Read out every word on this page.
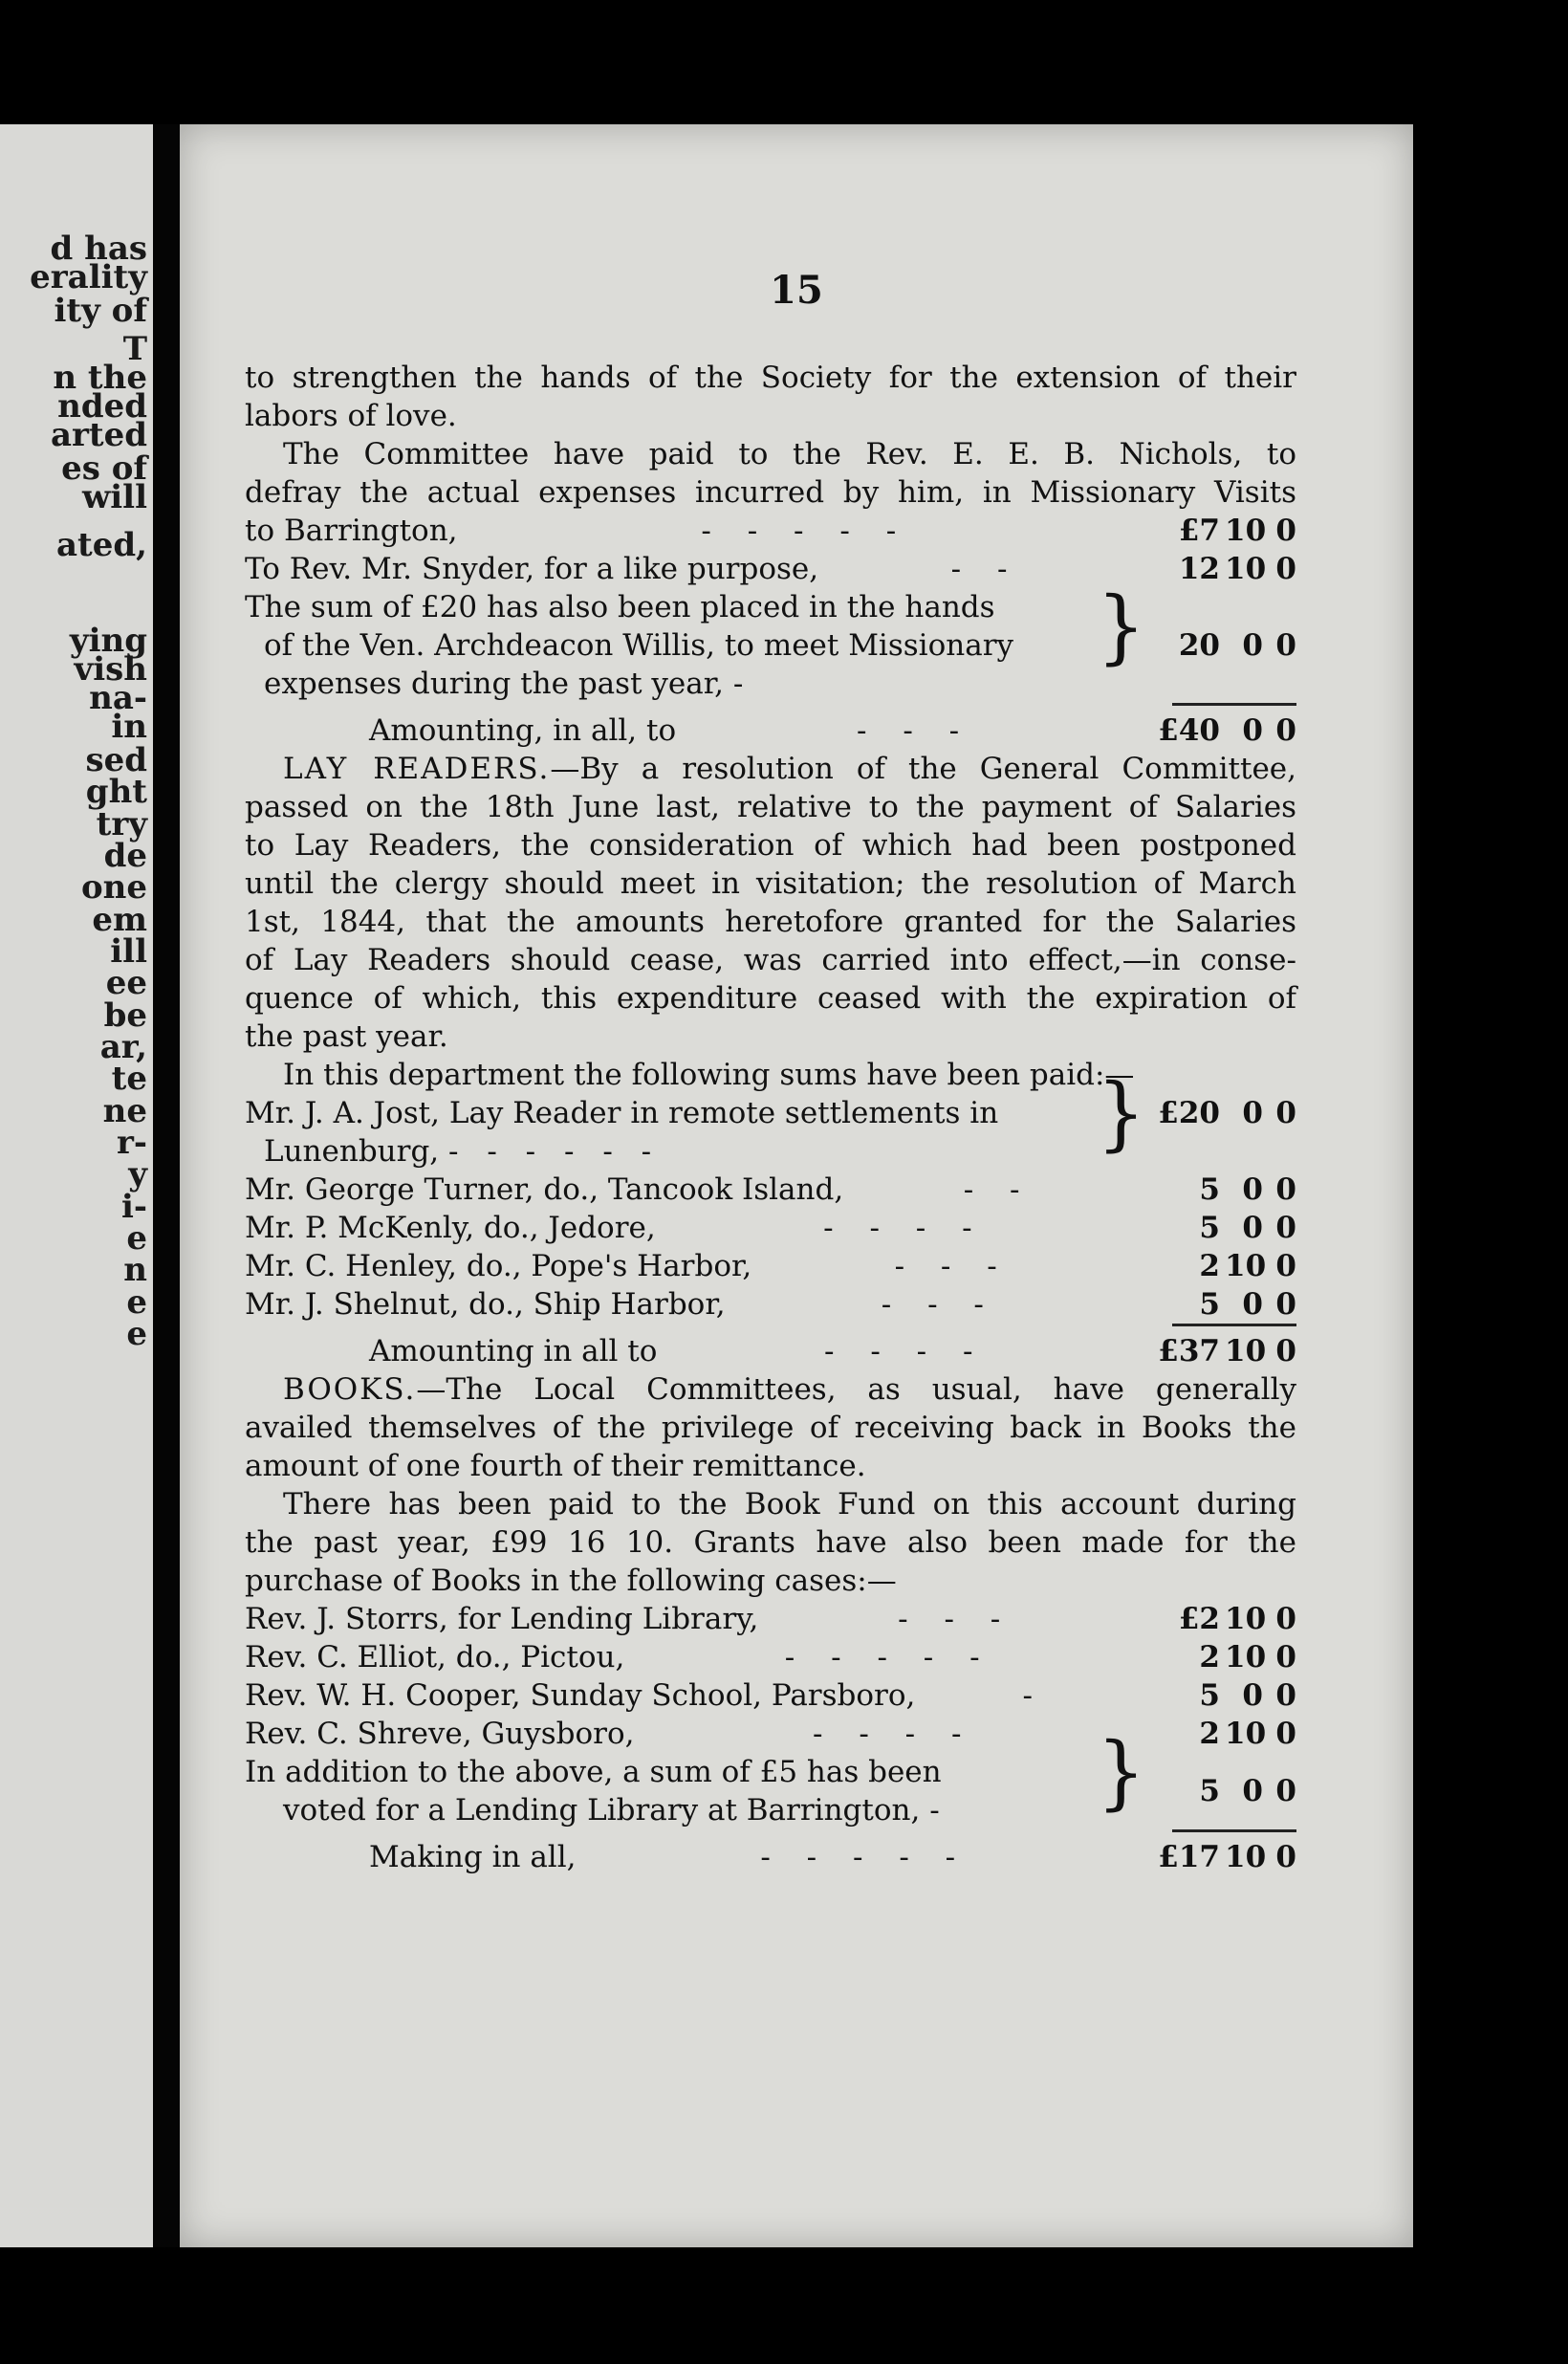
d has
erality
ity of
T
n the
nded
arted
es of
will
ated,
ying
vish
na-
in
sed
ght
try
de
one
em
ill
ee
be
ar,
te
ne
r-
y
i-
e
n
e
e
15
to strengthen the hands of the Society for the extension of their
labors of love.
The Committee have paid to the Rev. E. E. B. Nichols, to
defray the actual expenses incurred by him, in Missionary Visits
to Barrington,	- - - - -	£7 10 0
To Rev. Mr. Snyder, for a like purpose,	- -	12 10 0
The sum of £20 has also been placed in the hands
of the Ven. Archdeacon Willis, to meet Missionary
expenses during the past year, -
}	20 0 0
Amounting, in all, to	- - -	£40 0 0
LAY READERS.—By a resolution of the General Committee,
passed on the 18th June last, relative to the payment of Salaries
to Lay Readers, the consideration of which had been postponed
until the clergy should meet in visitation; the resolution of March
1st, 1844, that the amounts heretofore granted for the Salaries
of Lay Readers should cease, was carried into effect,—in conse-
quence of which, this expenditure ceased with the expiration of
the past year.
In this department the following sums have been paid:—
Mr. J. A. Jost, Lay Reader in remote settlements in
Lunenburg, - - - - - -	} £20 0 0
Mr. George Turner, do., Tancook Island,	- -	5 0 0
Mr. P. McKenly, do., Jedore,	- - - -	5 0 0
Mr. C. Henley, do., Pope's Harbor,	- - -	2 10 0
Mr. J. Shelnut, do., Ship Harbor,	- - -	5 0 0
Amounting in all to	- - - -	£37 10 0
BOOKS.—The Local Committees, as usual, have generally
availed themselves of the privilege of receiving back in Books the
amount of one fourth of their remittance.
There has been paid to the Book Fund on this account during
the past year, £99 16 10. Grants have also been made for the
purchase of Books in the following cases:—
Rev. J. Storrs, for Lending Library,	- - -	£2 10 0
Rev. C. Elliot, do., Pictou,	- - - - -	2 10 0
Rev. W. H. Cooper, Sunday School, Parsboro,	-	5 0 0
Rev. C. Shreve, Guysboro,	- - - -	2 10 0
In addition to the above, a sum of £5 has been
voted for a Lending Library at Barrington, -	}	5 0 0
Making in all,	- - - - -	£17 10 0
